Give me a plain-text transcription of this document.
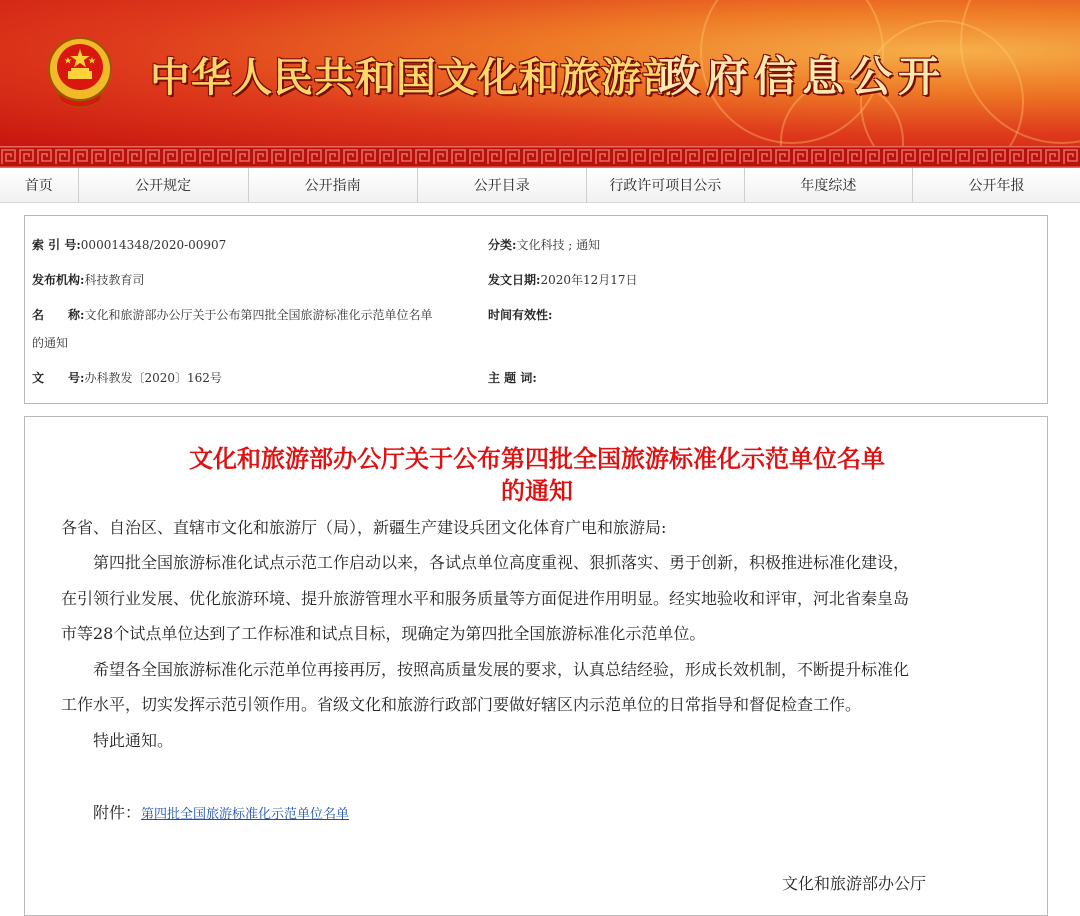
中华人民共和国文化和旅游部
政府信息公开
首页	公开规定	公开指南	公开目录	行政许可项目公示	年度综述	公开年报
索 引 号:000014348/2020-00907	分类:文化科技 ; 通知
发布机构:科技教育司	发文日期:2020年12月17日
名　　称:文化和旅游部办公厅关于公布第四批全国旅游标准化示范单位名单
的通知
时间有效性:
文　　号:办科教发〔2020〕162号	主 题 词:
文化和旅游部办公厅关于公布第四批全国旅游标准化示范单位名单
的通知
各省、自治区、直辖市文化和旅游厅（局），新疆生产建设兵团文化体育广电和旅游局:
第四批全国旅游标准化试点示范工作启动以来，各试点单位高度重视、狠抓落实、勇于创新，积极推进标准化建设，
在引领行业发展、优化旅游环境、提升旅游管理水平和服务质量等方面促进作用明显。经实地验收和评审，河北省秦皇岛
市等28个试点单位达到了工作标准和试点目标，现确定为第四批全国旅游标准化示范单位。
希望各全国旅游标准化示范单位再接再厉，按照高质量发展的要求，认真总结经验，形成长效机制，不断提升标准化
工作水平，切实发挥示范引领作用。省级文化和旅游行政部门要做好辖区内示范单位的日常指导和督促检查工作。
特此通知。
附件：第四批全国旅游标准化示范单位名单
文化和旅游部办公厅
